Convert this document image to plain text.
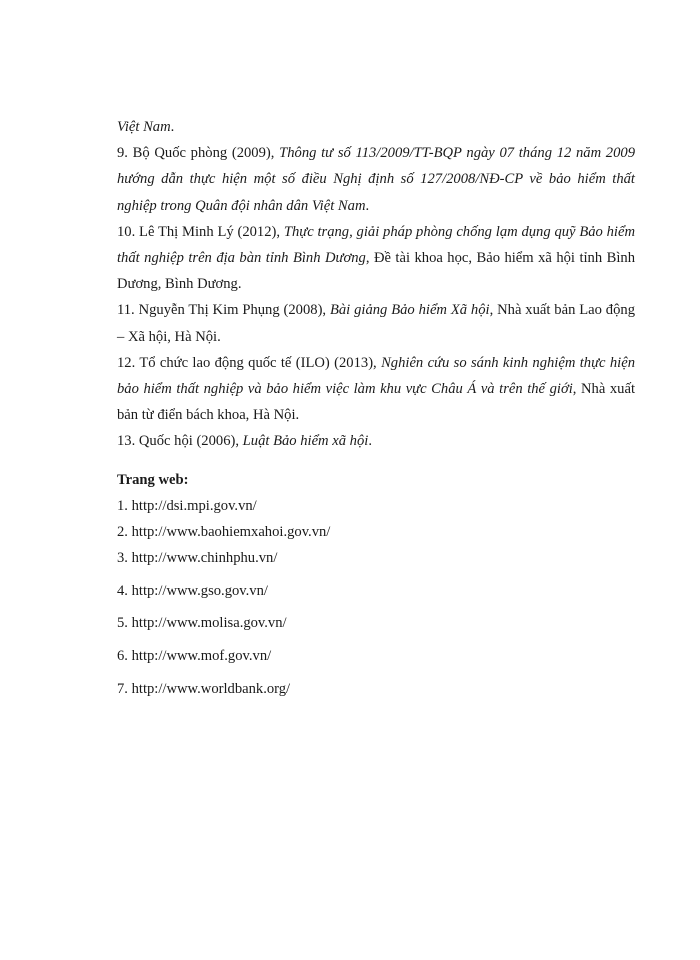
Việt Nam.
9. Bộ Quốc phòng (2009), Thông tư số 113/2009/TT-BQP ngày 07 tháng 12 năm 2009 hướng dẫn thực hiện một số điều Nghị định số 127/2008/NĐ-CP về bảo hiểm thất nghiệp trong Quân đội nhân dân Việt Nam.
10. Lê Thị Minh Lý (2012), Thực trạng, giải pháp phòng chống lạm dụng quỹ Bảo hiểm thất nghiệp trên địa bàn tỉnh Bình Dương, Đề tài khoa học, Bảo hiểm xã hội tỉnh Bình Dương, Bình Dương.
11. Nguyễn Thị Kim Phụng (2008), Bài giảng Bảo hiểm Xã hội, Nhà xuất bản Lao động – Xã hội, Hà Nội.
12. Tổ chức lao động quốc tế (ILO) (2013), Nghiên cứu so sánh kinh nghiệm thực hiện bảo hiểm thất nghiệp và bảo hiểm việc làm khu vực Châu Á và trên thế giới, Nhà xuất bản từ điển bách khoa, Hà Nội.
13. Quốc hội (2006), Luật Bảo hiểm xã hội.
Trang web:
1. http://dsi.mpi.gov.vn/
2. http://www.baohiemxahoi.gov.vn/
3. http://www.chinhphu.vn/
4. http://www.gso.gov.vn/
5. http://www.molisa.gov.vn/
6. http://www.mof.gov.vn/
7. http://www.worldbank.org/
